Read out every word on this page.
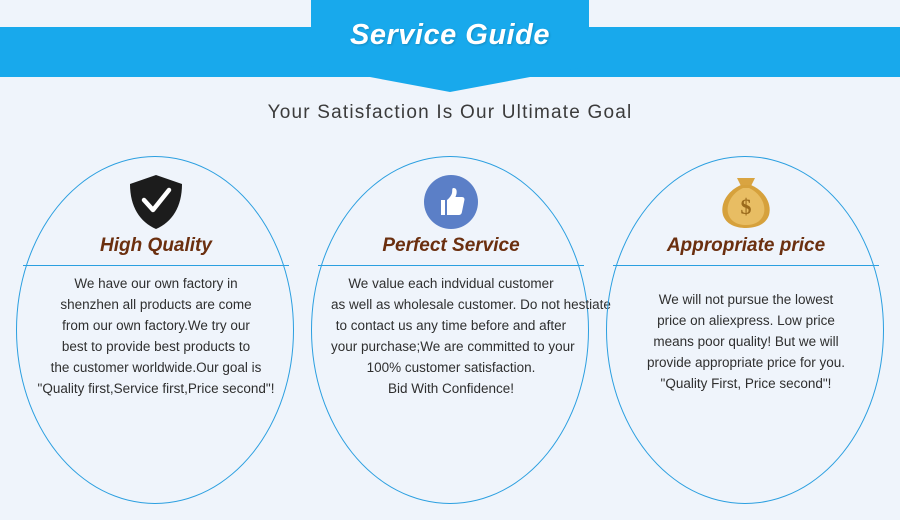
Service Guide
Your Satisfaction Is Our Ultimate Goal
High Quality
We have our own factory in
shenzhen all products are come
from our own factory.We try our
best to provide best products to
the customer worldwide.Our goal is
"Quality first,Service first,Price second"!
Perfect Service
We value each indvidual customer
as well as wholesale customer. Do not hestiate
to contact us any time before and after
your purchase;We are committed to your
100% customer satisfaction.
Bid With Confidence!
$
Appropriate price
We will not pursue the lowest
price on aliexpress. Low price
means poor quality! But we will
provide appropriate price for you.
"Quality First, Price second"!
